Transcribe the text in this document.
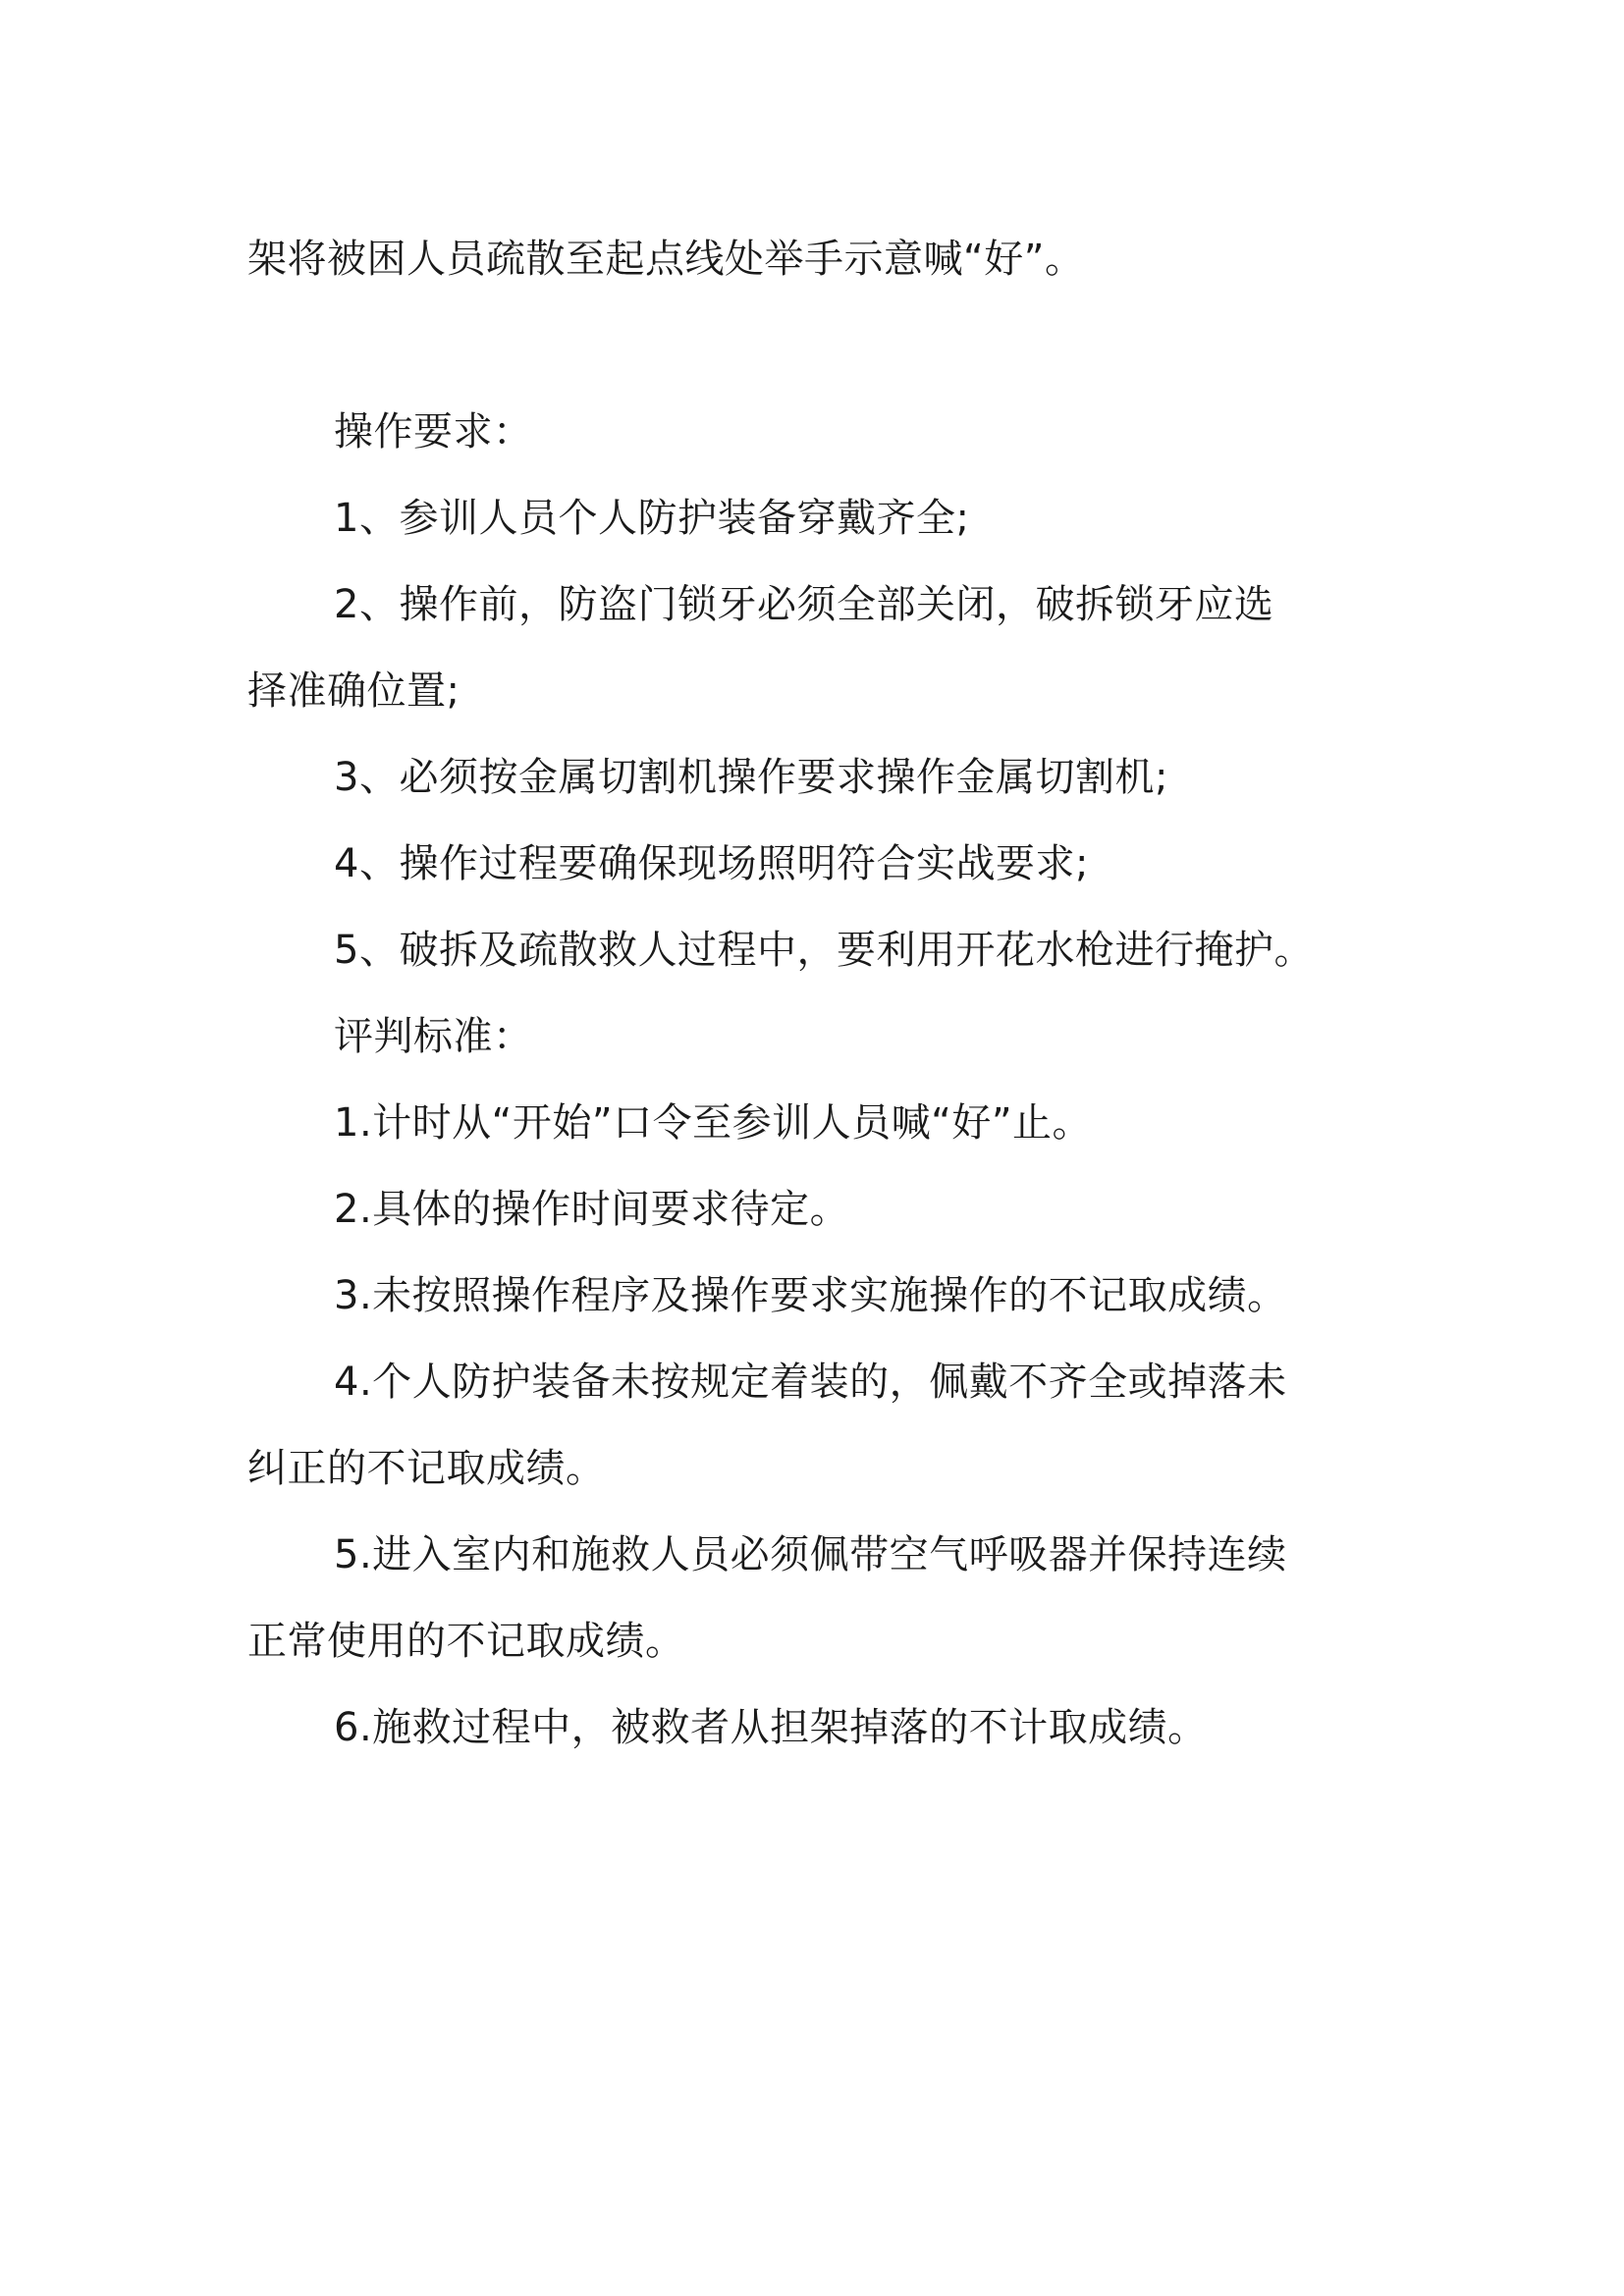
架将被困人员疏散至起点线处举手示意喊“好”。
操作要求：
1、参训人员个人防护装备穿戴齐全;
2、操作前，防盗门锁牙必须全部关闭，破拆锁牙应选
择准确位置;
3、必须按金属切割机操作要求操作金属切割机;
4、操作过程要确保现场照明符合实战要求;
5、破拆及疏散救人过程中，要利用开花水枪进行掩护。
评判标准：
1.计时从“开始”口令至参训人员喊“好”止。
2.具体的操作时间要求待定。
3.未按照操作程序及操作要求实施操作的不记取成绩。
4.个人防护装备未按规定着装的，佩戴不齐全或掉落未
纠正的不记取成绩。
5.进入室内和施救人员必须佩带空气呼吸器并保持连续
正常使用的不记取成绩。
6.施救过程中，被救者从担架掉落的不计取成绩。
